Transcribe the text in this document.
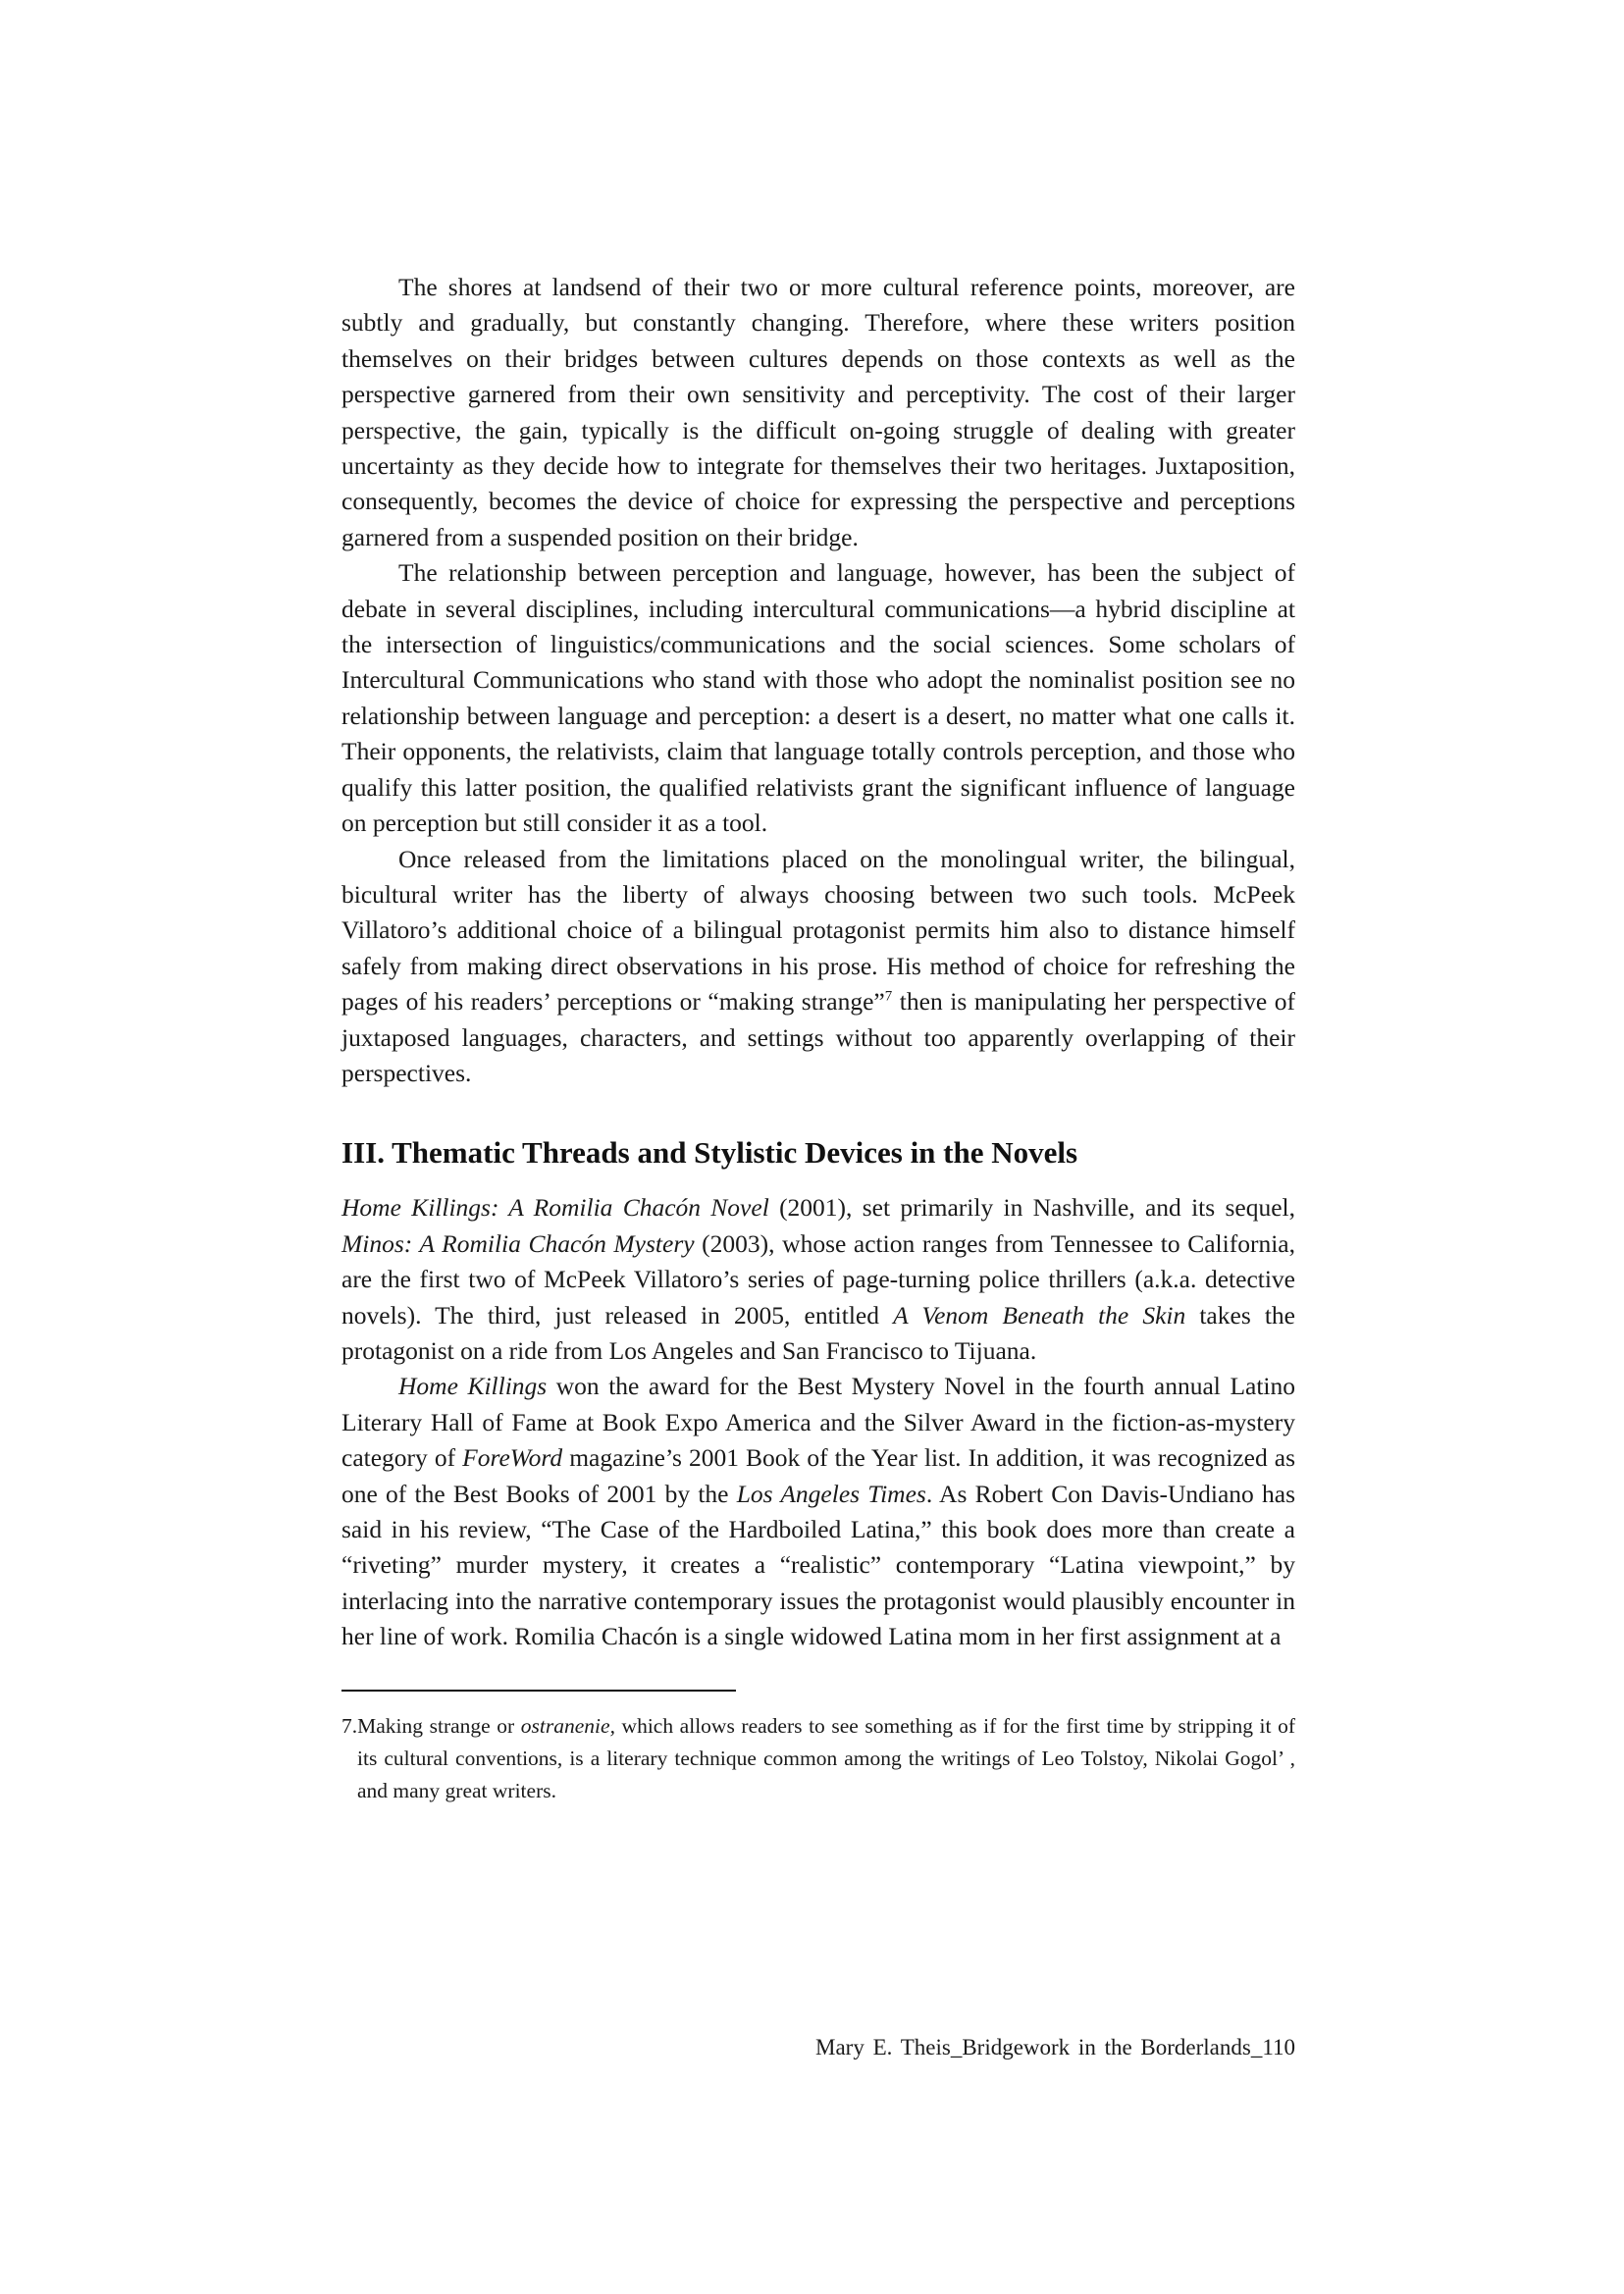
The shores at landsend of their two or more cultural reference points, moreover, are subtly and gradually, but constantly changing. Therefore, where these writers position themselves on their bridges between cultures depends on those contexts as well as the perspective garnered from their own sensitivity and perceptivity. The cost of their larger perspective, the gain, typically is the difficult on-going struggle of dealing with greater uncertainty as they decide how to integrate for themselves their two heritages. Juxtaposition, consequently, becomes the device of choice for expressing the perspective and perceptions garnered from a suspended position on their bridge.

The relationship between perception and language, however, has been the subject of debate in several disciplines, including intercultural communications—a hybrid discipline at the intersection of linguistics/communications and the social sciences. Some scholars of Intercultural Communications who stand with those who adopt the nominalist position see no relationship between language and perception: a desert is a desert, no matter what one calls it. Their opponents, the relativists, claim that language totally controls perception, and those who qualify this latter position, the qualified relativists grant the significant influence of language on perception but still consider it as a tool.

Once released from the limitations placed on the monolingual writer, the bilingual, bicultural writer has the liberty of always choosing between two such tools. McPeek Villatoro’s additional choice of a bilingual protagonist permits him also to distance himself safely from making direct observations in his prose. His method of choice for refreshing the pages of his readers’ perceptions or “making strange”$^7$ then is manipulating her perspective of juxtaposed languages, characters, and settings without too apparently overlapping of their perspectives.

III. Thematic Threads and Stylistic Devices in the Novels

Home Killings: A Romilia Chacón Novel (2001), set primarily in Nashville, and its sequel, Minos: A Romilia Chacón Mystery (2003), whose action ranges from Tennessee to California, are the first two of McPeek Villatoro’s series of page-turning police thrillers (a.k.a. detective novels). The third, just released in 2005, entitled A Venom Beneath the Skin takes the protagonist on a ride from Los Angeles and San Francisco to Tijuana.

Home Killings won the award for the Best Mystery Novel in the fourth annual Latino Literary Hall of Fame at Book Expo America and the Silver Award in the fiction-as-mystery category of ForeWord magazine’s 2001 Book of the Year list. In addition, it was recognized as one of the Best Books of 2001 by the Los Angeles Times. As Robert Con Davis-Undiano has said in his review, “The Case of the Hardboiled Latina,” this book does more than create a “riveting” murder mystery, it creates a “realistic” contemporary “Latina viewpoint,” by interlacing into the narrative contemporary issues the protagonist would plausibly encounter in her line of work. Romilia Chacón is a single widowed Latina mom in her first assignment at a

7.Making strange or ostranenie, which allows readers to see something as if for the first time by stripping it of its cultural conventions, is a literary technique common among the writings of Leo Tolstoy, Nikolai Gogol’ , and many great writers.
Mary E. Theis_Bridgework in the Borderlands_110
